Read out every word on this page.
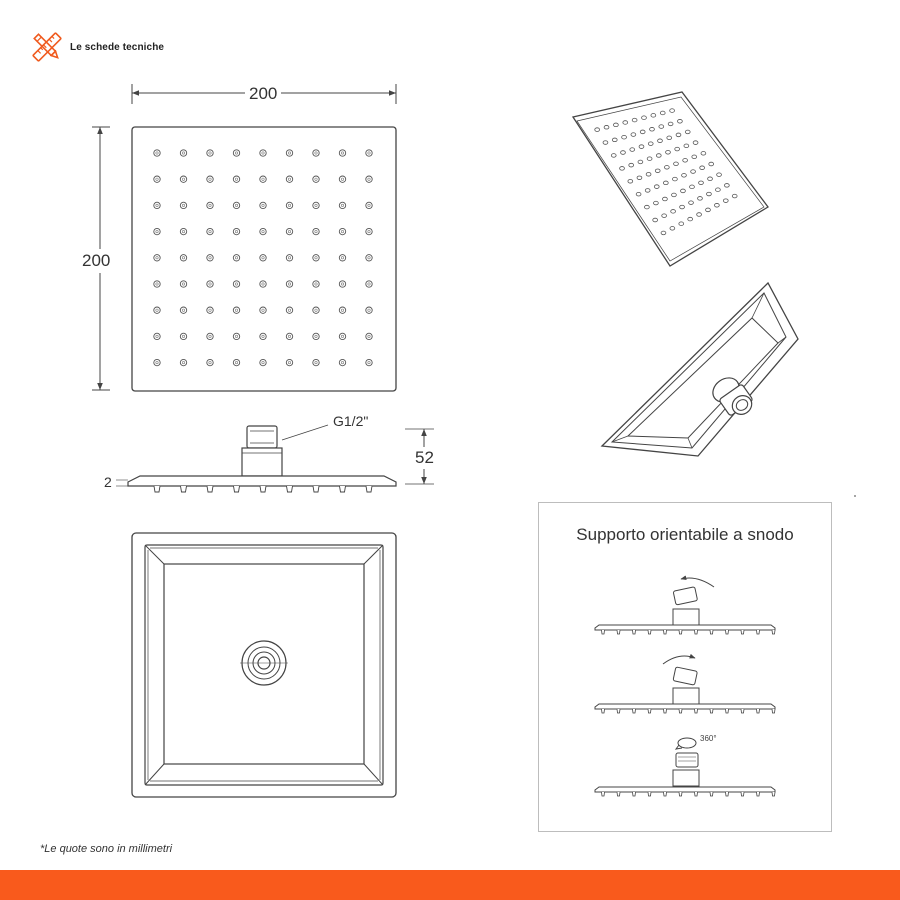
Le schede tecniche
200
200
G1/2"
52
2
Supporto orientabile a snodo
360°
*Le quote sono in millimetri
